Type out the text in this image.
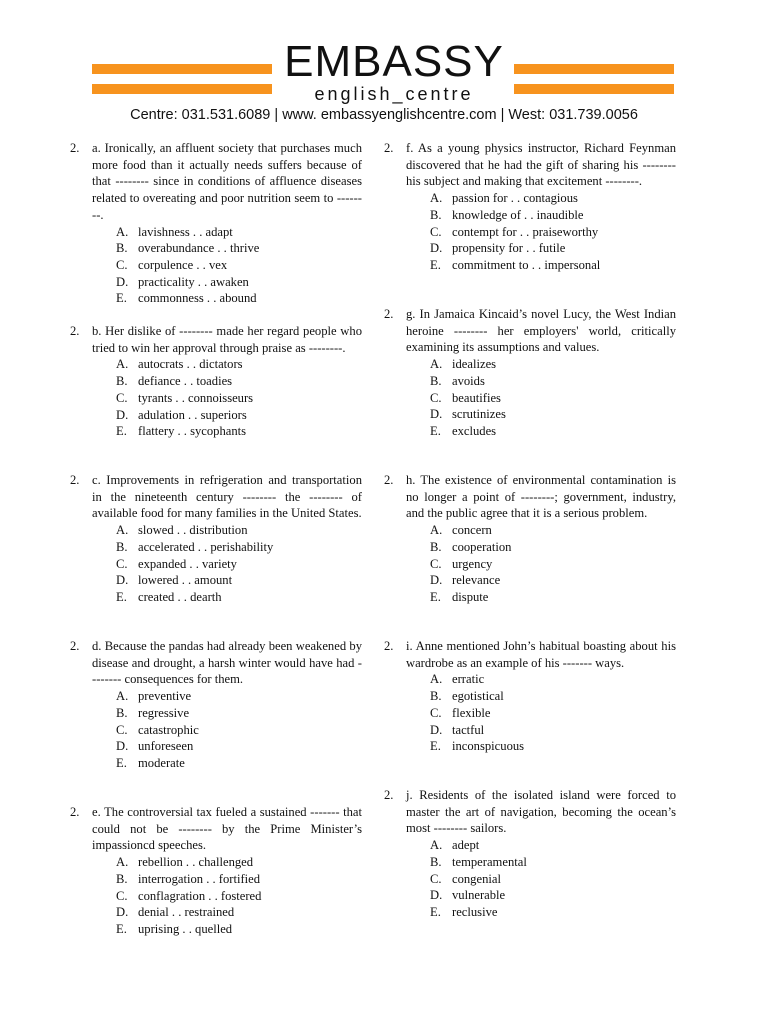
EMBASSY
english_centre
Centre: 031.531.6089 | www. embassyenglishcentre.com | West: 031.739.0056
2. a. Ironically, an affluent society that purchases much more food than it actually needs suffers because of that -------- since in conditions of affluence diseases related to overeating and poor nutrition seem to --------.
A. lavishness . . adapt
B. overabundance . . thrive
C. corpulence . . vex
D. practicality . . awaken
E. commonness . . abound
2. b. Her dislike of -------- made her regard people who tried to win her approval through praise as --------.
A. autocrats . . dictators
B. defiance . . toadies
C. tyrants . . connoisseurs
D. adulation . . superiors
E. flattery . . sycophants
2. c. Improvements in refrigeration and transportation in the nineteenth century -------- the -------- of available food for many families in the United States.
A. slowed . . distribution
B. accelerated . . perishability
C. expanded . . variety
D. lowered . . amount
E. created . . dearth
2. d. Because the pandas had already been weakened by disease and drought, a harsh winter would have had -------- consequences for them.
A. preventive
B. regressive
C. catastrophic
D. unforeseen
E. moderate
2. e. The controversial tax fueled a sustained ------- that could not be -------- by the Prime Minister’s impassioncd speeches.
A. rebellion . . challenged
B. interrogation . . fortified
C. conflagration . . fostered
D. denial . . restrained
E. uprising . . quelled
2. f. As a young physics instructor, Richard Feynman discovered that he had the gift of sharing his -------- his subject and making that excitement --------.
A. passion for . . contagious
B. knowledge of . . inaudible
C. contempt for . . praiseworthy
D. propensity for . . futile
E. commitment to . . impersonal
2. g. In Jamaica Kincaid’s novel Lucy, the West Indian heroine -------- her employers' world, critically examining its assumptions and values.
A. idealizes
B. avoids
C. beautifies
D. scrutinizes
E. excludes
2. h. The existence of environmental contamination is no longer a point of --------; government, industry, and the public agree that it is a serious problem.
A. concern
B. cooperation
C. urgency
D. relevance
E. dispute
2. i. Anne mentioned John’s habitual boasting about his wardrobe as an example of his ------- ways.
A. erratic
B. egotistical
C. flexible
D. tactful
E. inconspicuous
2. j. Residents of the isolated island were forced to master the art of navigation, becoming the ocean’s most -------- sailors.
A. adept
B. temperamental
C. congenial
D. vulnerable
E. reclusive
